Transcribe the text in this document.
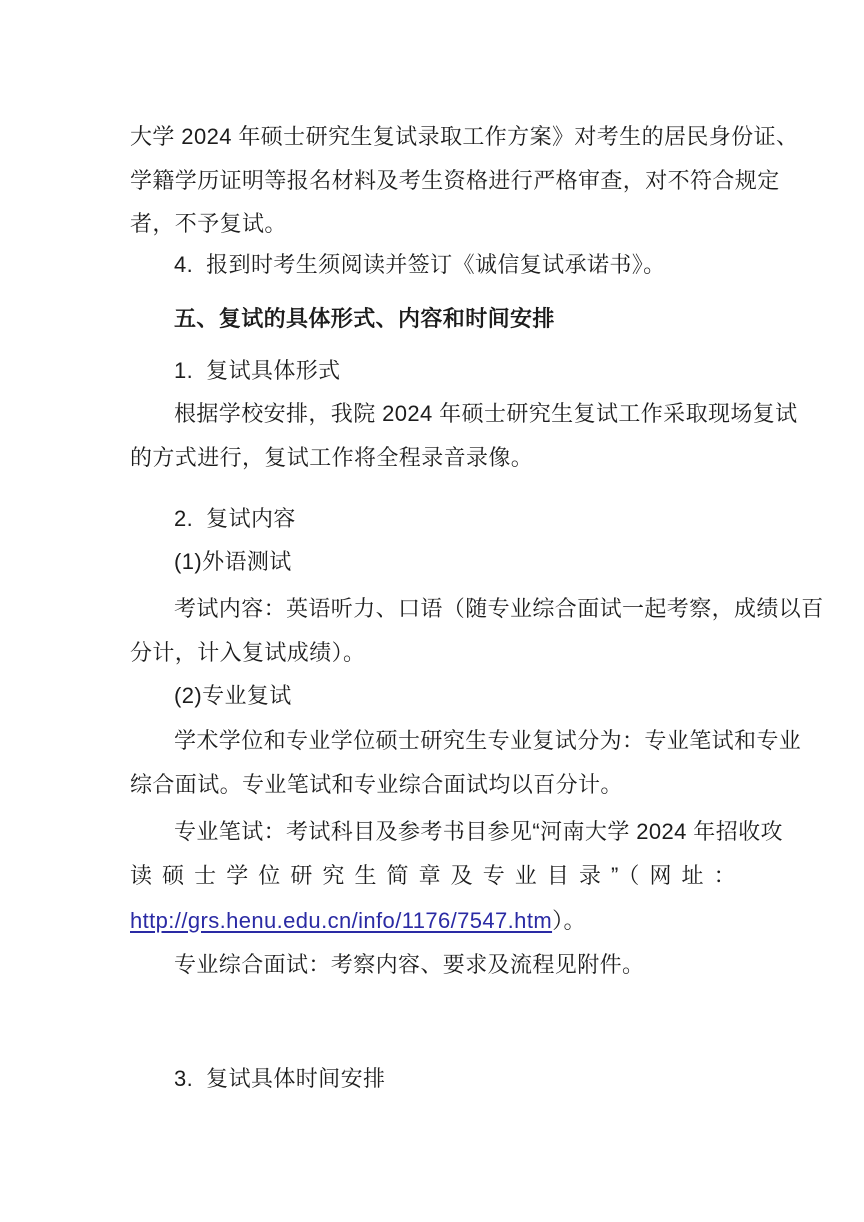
大学 2024 年硕士研究生复试录取工作方案》对考生的居民身份证、
学籍学历证明等报名材料及考生资格进行严格审查，对不符合规定
者，不予复试。
4.  报到时考生须阅读并签订《诚信复试承诺书》。
五、复试的具体形式、内容和时间安排
1.  复试具体形式
根据学校安排，我院 2024 年硕士研究生复试工作采取现场复试
的方式进行，复试工作将全程录音录像。
2.  复试内容
(1)外语测试
考试内容：英语听力、口语（随专业综合面试一起考察，成绩以百
分计，计入复试成绩）。
(2)专业复试
学术学位和专业学位硕士研究生专业复试分为：专业笔试和专业
综合面试。专业笔试和专业综合面试均以百分计。
专业笔试：考试科目及参考书目参见“河南大学 2024 年招收攻
读硕士学位研究生简章及专业目录”（网址：
http://grs.henu.edu.cn/info/1176/7547.htm）。
专业综合面试：考察内容、要求及流程见附件。
3.  复试具体时间安排
